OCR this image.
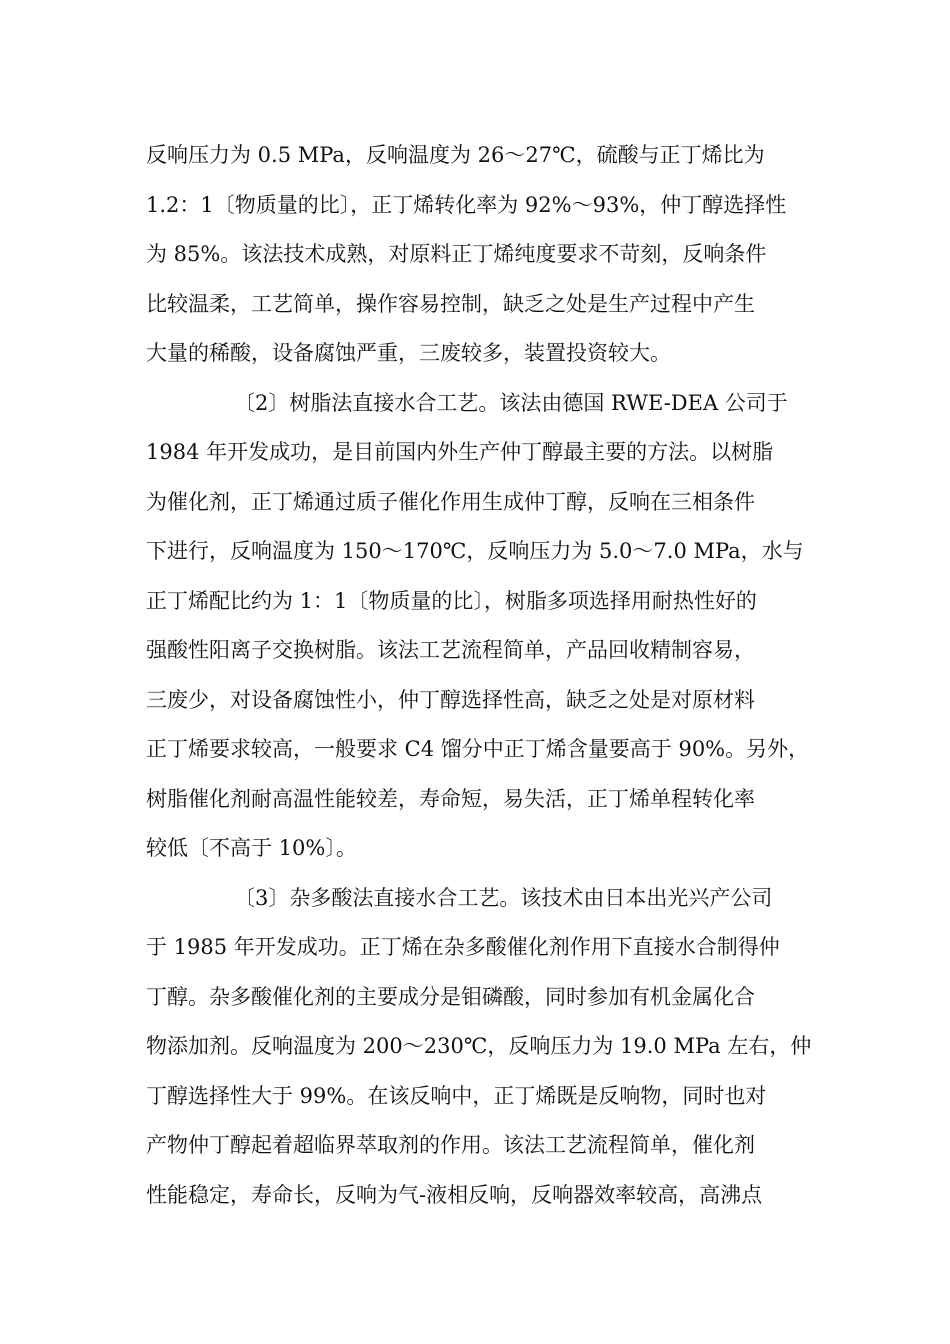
反响压力为 0.5 MPa，反响温度为 26～27℃，硫酸与正丁烯比为
1.2：1〔物质量的比〕，正丁烯转化率为 92%～93%，仲丁醇选择性
为 85%。该法技术成熟，对原料正丁烯纯度要求不苛刻，反响条件
比较温柔，工艺简单，操作容易控制，缺乏之处是生产过程中产生
大量的稀酸，设备腐蚀严重，三废较多，装置投资较大。
〔2〕树脂法直接水合工艺。该法由德国 RWE-DEA 公司于
1984 年开发成功，是目前国内外生产仲丁醇最主要的方法。以树脂
为催化剂，正丁烯通过质子催化作用生成仲丁醇，反响在三相条件
下进行，反响温度为 150～170℃，反响压力为 5.0～7.0 MPa，水与
正丁烯配比约为 1：1〔物质量的比〕，树脂多项选择用耐热性好的
强酸性阳离子交换树脂。该法工艺流程简单，产品回收精制容易，
三废少，对设备腐蚀性小，仲丁醇选择性高，缺乏之处是对原材料
正丁烯要求较高，一般要求 C4 馏分中正丁烯含量要高于 90%。另外，
树脂催化剂耐高温性能较差，寿命短，易失活，正丁烯单程转化率
较低〔不高于 10%〕。
〔3〕杂多酸法直接水合工艺。该技术由日本出光兴产公司
于 1985 年开发成功。正丁烯在杂多酸催化剂作用下直接水合制得仲
丁醇。杂多酸催化剂的主要成分是钼磷酸，同时参加有机金属化合
物添加剂。反响温度为 200～230℃，反响压力为 19.0 MPa 左右，仲
丁醇选择性大于 99%。在该反响中，正丁烯既是反响物，同时也对
产物仲丁醇起着超临界萃取剂的作用。该法工艺流程简单，催化剂
性能稳定，寿命长，反响为气-液相反响，反响器效率较高，高沸点
